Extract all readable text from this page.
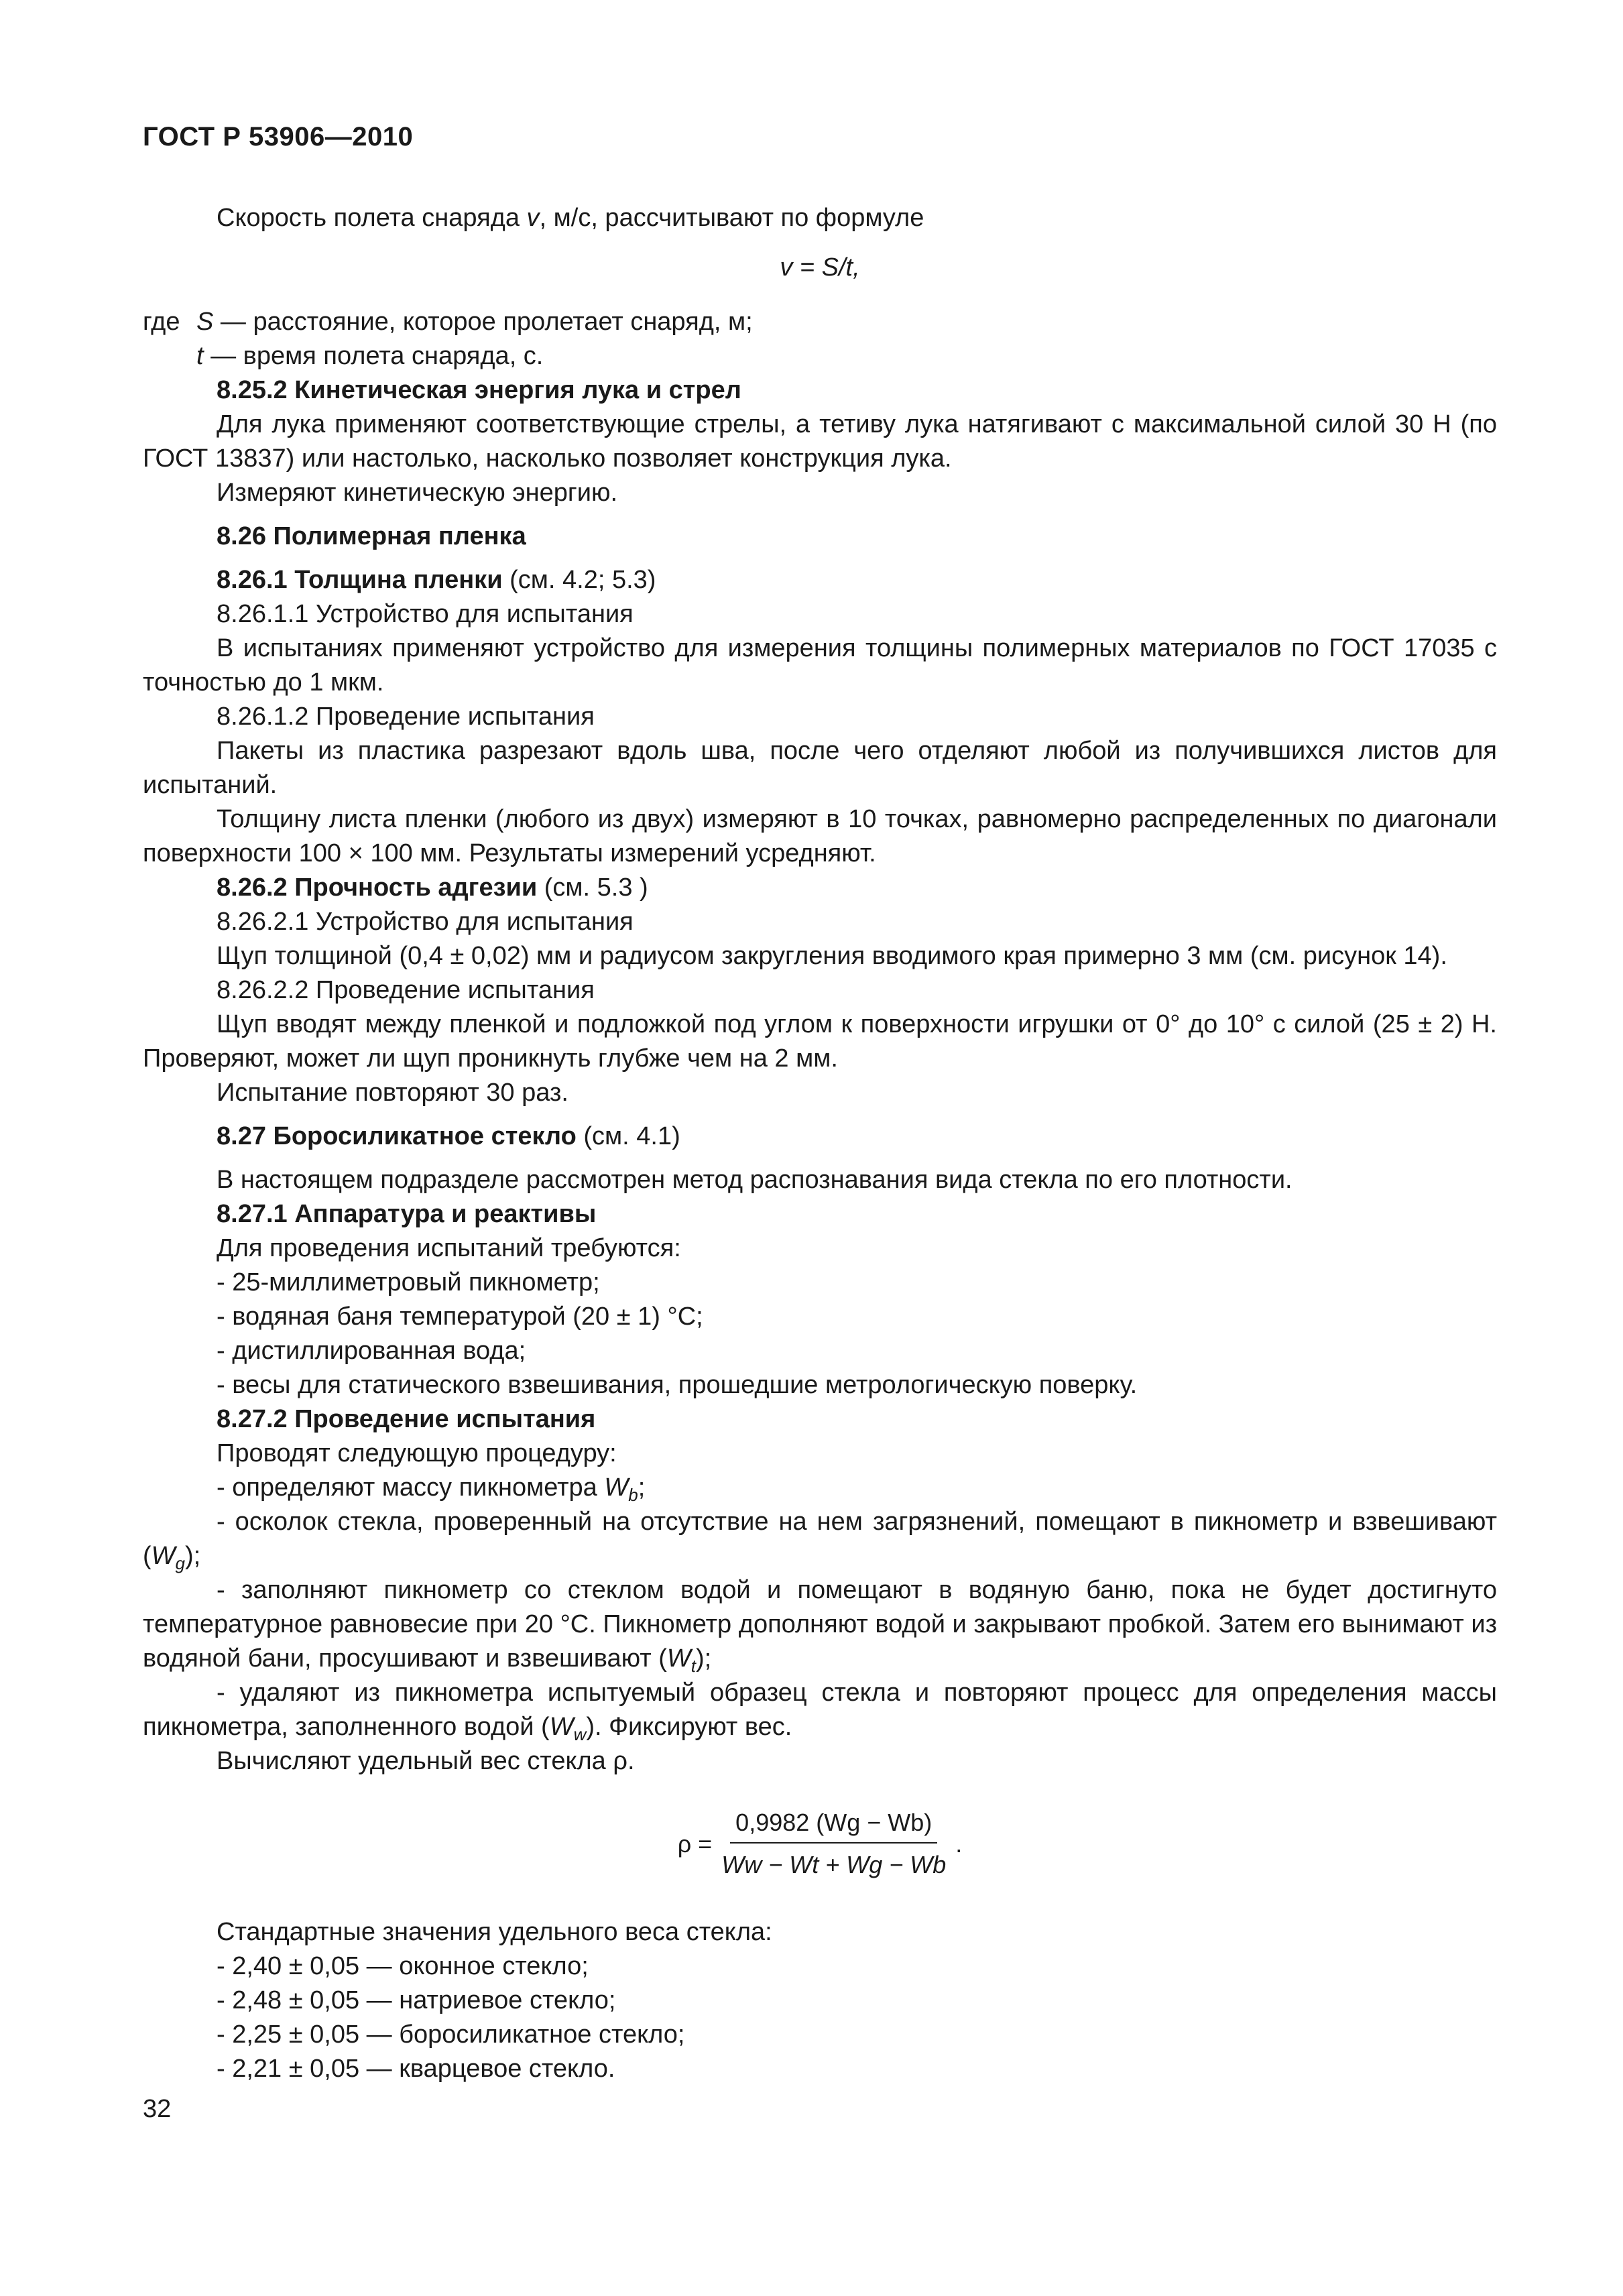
ГОСТ Р 53906—2010

Скорость полета снаряда v, м/с, рассчитывают по формуле

v = S/t,
где S — расстояние, которое пролетает снаряд, м;
t — время полета снаряда, с.

8.25.2 Кинетическая энергия лука и стрел

Для лука применяют соответствующие стрелы, а тетиву лука натягивают с максимальной силой 30 Н (по ГОСТ 13837) или настолько, насколько позволяет конструкция лука.

Измеряют кинетическую энергию.

8.26 Полимерная пленка

8.26.1 Толщина пленки (см. 4.2; 5.3)

8.26.1.1 Устройство для испытания

В испытаниях применяют устройство для измерения толщины полимерных материалов по ГОСТ 17035 с точностью до 1 мкм.

8.26.1.2 Проведение испытания

Пакеты из пластика разрезают вдоль шва, после чего отделяют любой из получившихся листов для испытаний.

Толщину листа пленки (любого из двух) измеряют в 10 точках, равномерно распределенных по диагонали поверхности 100 × 100 мм. Результаты измерений усредняют.

8.26.2 Прочность адгезии (см. 5.3 )

8.26.2.1 Устройство для испытания

Щуп толщиной (0,4 ± 0,02) мм и радиусом закругления вводимого края примерно 3 мм (см. рисунок 14).

8.26.2.2 Проведение испытания

Щуп вводят между пленкой и подложкой под углом к поверхности игрушки от 0° до 10° с силой (25 ± 2) Н. Проверяют, может ли щуп проникнуть глубже чем на 2 мм.

Испытание повторяют 30 раз.

8.27 Боросиликатное стекло (см. 4.1)

В настоящем подразделе рассмотрен метод распознавания вида стекла по его плотности.

8.27.1 Аппаратура и реактивы

Для проведения испытаний требуются:

- 25-миллиметровый пикнометр;

- водяная баня температурой (20 ± 1) °С;

- дистиллированная вода;

- весы для статического взвешивания, прошедшие метрологическую поверку.

8.27.2 Проведение испытания

Проводят следующую процедуру:

- определяют массу пикнометра $W_b$;

- осколок стекла, проверенный на отсутствие на нем загрязнений, помещают в пикнометр и взвешивают $(W_g)$;

- заполняют пикнометр со стеклом водой и помещают в водяную баню, пока не будет достигнуто температурное равновесие при 20 °С. Пикнометр дополняют водой и закрывают пробкой. Затем его вынимают из водяной бани, просушивают и взвешивают $(W_t)$;

- удаляют из пикнометра испытуемый образец стекла и повторяют процесс для определения массы пикнометра, заполненного водой $(W_w)$. Фиксируют вес.

Вычисляют удельный вес стекла ρ.

$\rho = \frac{0,9982 (Wg - Wb)}{Ww - Wt + Wg - Wb}$ .

Стандартные значения удельного веса стекла:

- 2,40 ± 0,05 — оконное стекло;

- 2,48 ± 0,05 — натриевое стекло;

- 2,25 ± 0,05 — боросиликатное стекло;

- 2,21 ± 0,05 — кварцевое стекло.

32
